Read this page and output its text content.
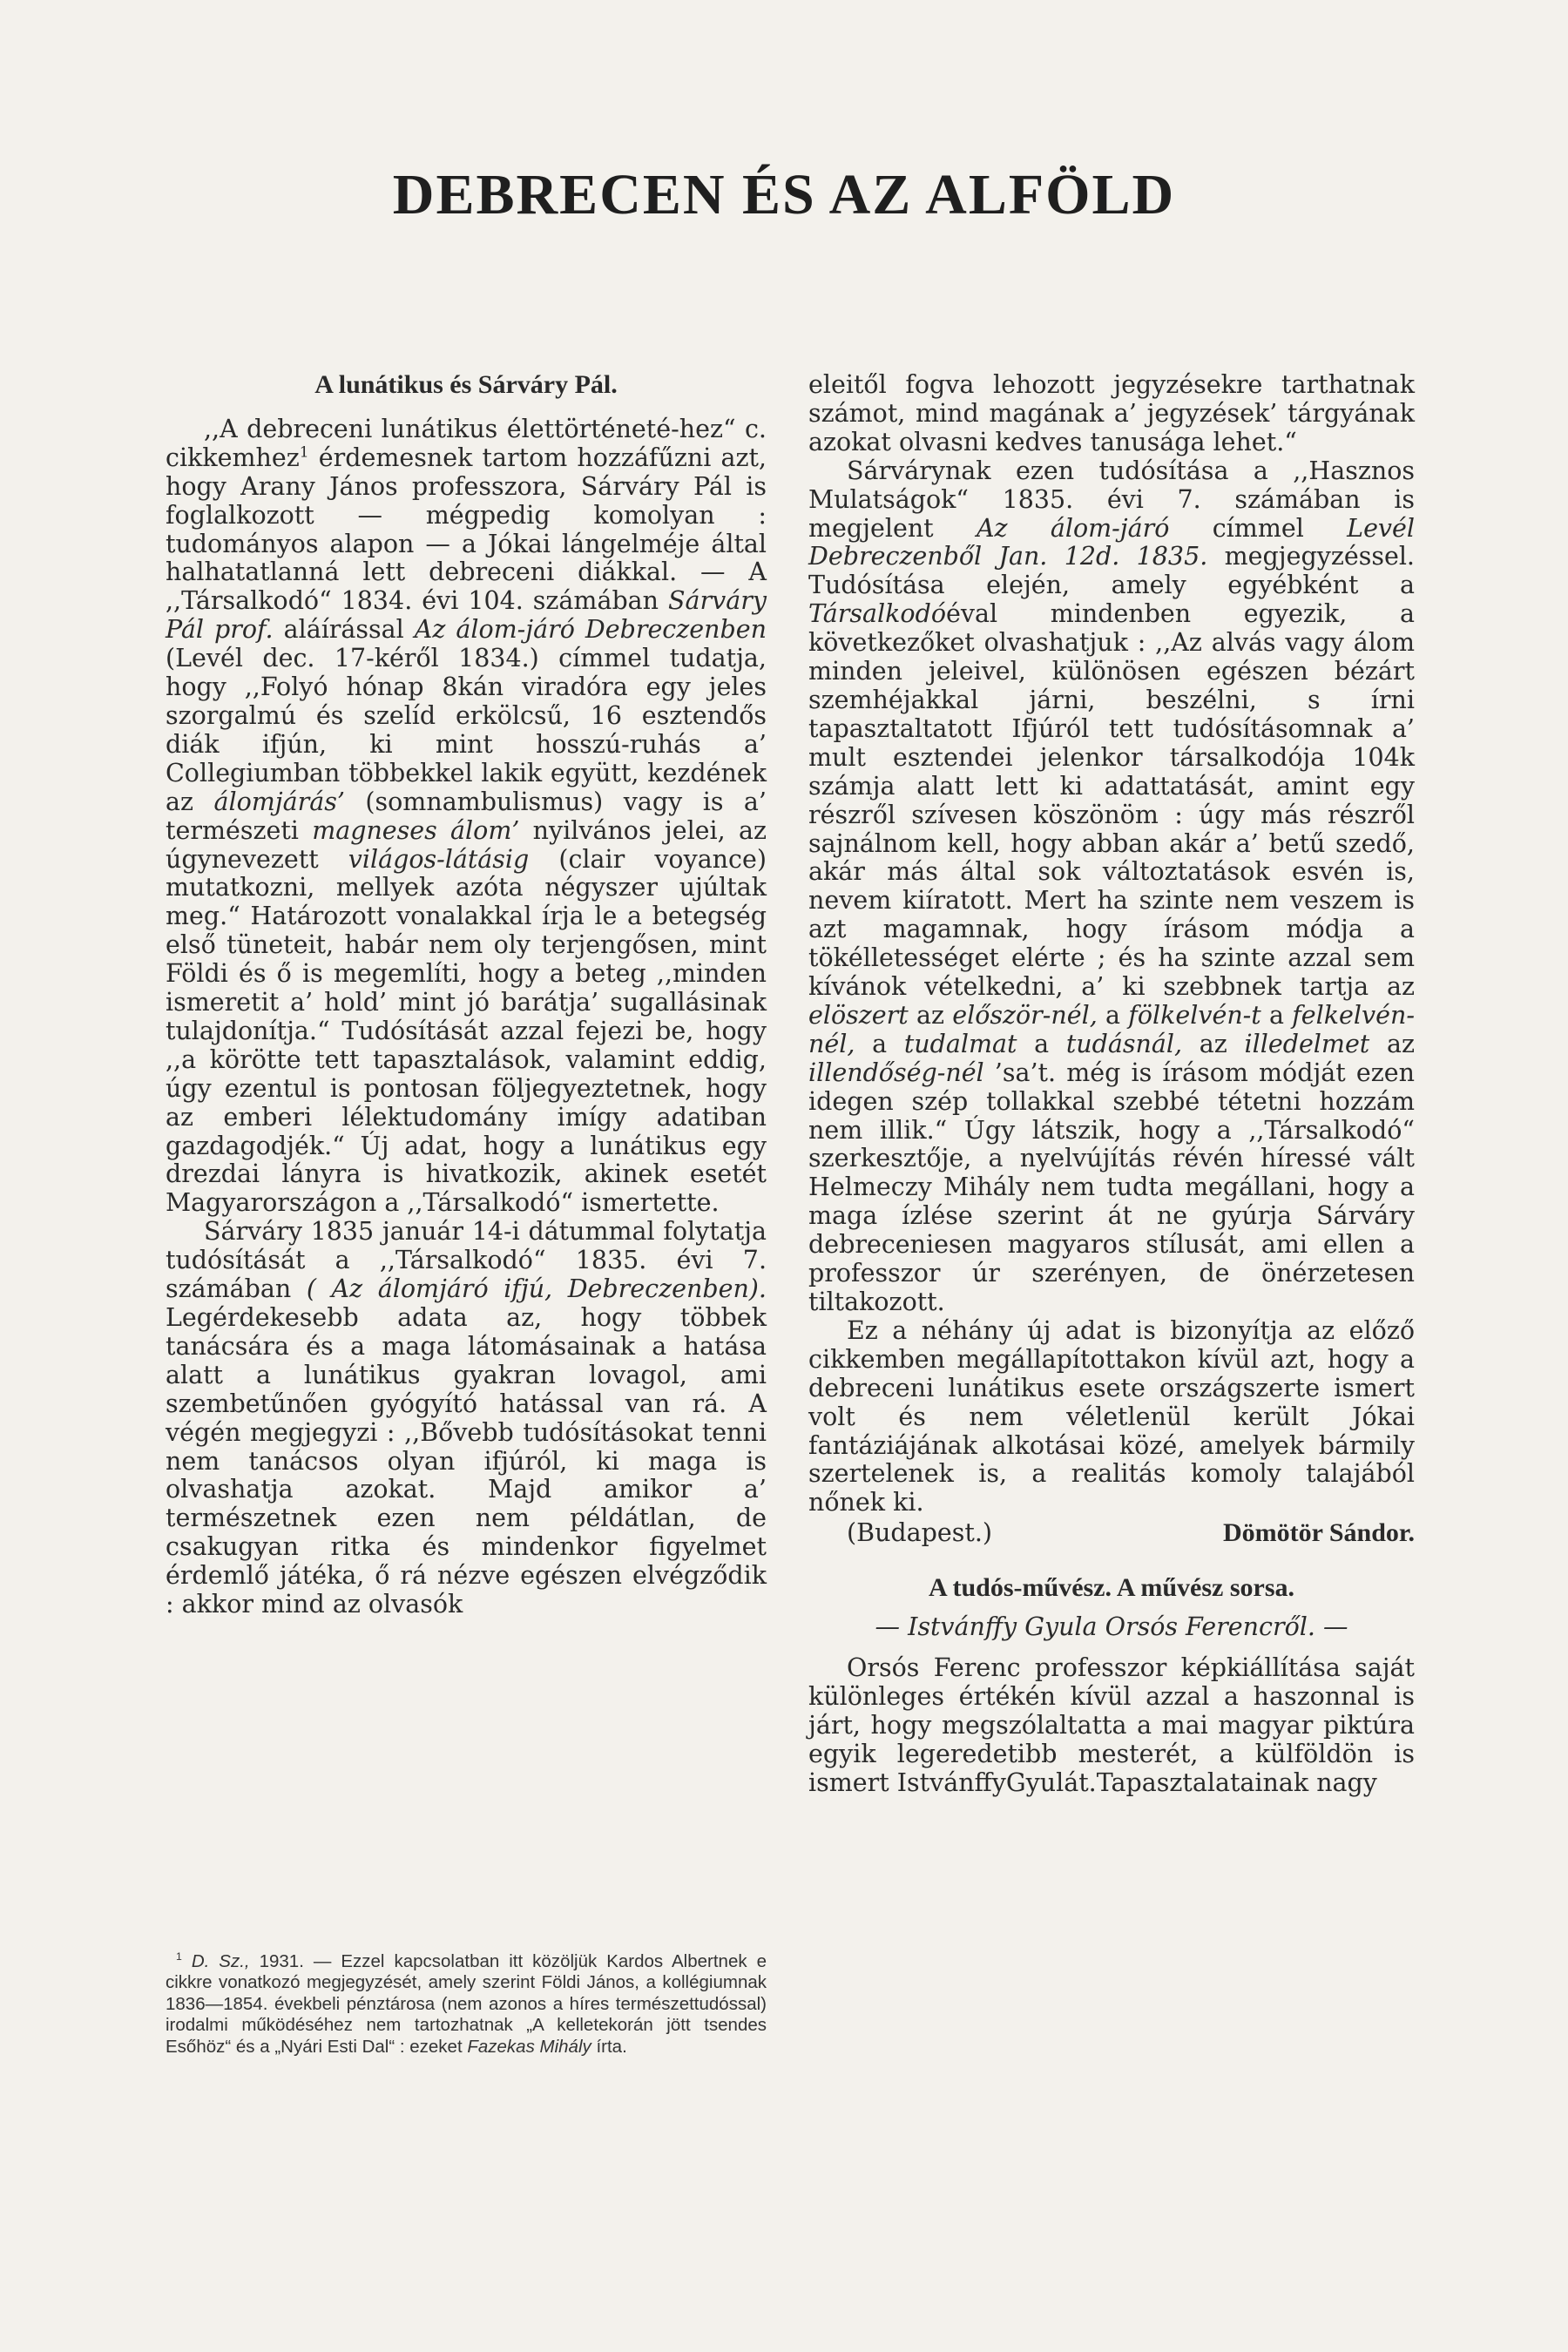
DEBRECEN ÉS AZ ALFÖLD

A lunátikus és Sárváry Pál.

,,A debreceni lunátikus élettörténeté-hez“ c. cikkemhez$^1$ érdemesnek tartom hozzáfűzni azt, hogy Arany János professzora, Sárváry Pál is foglalkozott — mégpedig komolyan : tudományos alapon — a Jókai lángelméje által halhatatlanná lett debreceni diákkal. — A ,,Társalkodó“ 1834. évi 104. számában Sárváry Pál prof. aláírással Az álom-járó Debreczenben (Levél dec. 17-kéről 1834.) címmel tudatja, hogy ,,Folyó hónap 8kán viradóra egy jeles szorgalmú és szelíd erkölcsű, 16 esztendős diák ifjún, ki mint hosszú-ruhás a’ Collegiumban többekkel lakik együtt, kezdének az álomjárás’ (somnambulismus) vagy is a’ természeti magneses álom’ nyilvános jelei, az úgynevezett világos-látásig (clair voyance) mutatkozni, mellyek azóta négyszer ujúltak meg.“ Határozott vonalakkal írja le a betegség első tüneteit, habár nem oly terjengősen, mint Földi és ő is megemlíti, hogy a beteg ,,minden ismeretit a’ hold’ mint jó barátja’ sugallásinak tulajdonítja.“ Tudósítását azzal fejezi be, hogy ,,a körötte tett tapasztalások, valamint eddig, úgy ezentul is pontosan följegyeztetnek, hogy az emberi lélektudomány imígy adatiban gazdagodjék.“ Új adat, hogy a lunátikus egy drezdai lányra is hivatkozik, akinek esetét Magyarországon a ,,Társalkodó“ ismertette.

Sárváry 1835 január 14-i dátummal folytatja tudósítását a ,,Társalkodó“ 1835. évi 7. számában ( Az álomjáró ifjú, Debreczenben). Legérdekesebb adata az, hogy többek tanácsára és a maga látomásainak a hatása alatt a lunátikus gyakran lovagol, ami szembetűnően gyógyító hatással van rá. A végén megjegyzi : ,,Bővebb tudósításokat tenni nem tanácsos olyan ifjúról, ki maga is olvashatja azokat. Majd amikor a’ természetnek ezen nem példátlan, de csakugyan ritka és mindenkor figyelmet érdemlő játéka, ő rá nézve egészen elvégződik : akkor mind az olvasók

$^1$ D. Sz., 1931. — Ezzel kapcsolatban itt közöljük Kardos Albertnek e cikkre vonatkozó megjegyzését, amely szerint Földi János, a kollégiumnak 1836—1854. évekbeli pénztárosa (nem azonos a híres természettudóssal) irodalmi működéséhez nem tartozhatnak „A kelletekorán jött tsendes Esőhöz“ és a „Nyári Esti Dal“ : ezeket Fazekas Mihály írta.

eleitől fogva lehozott jegyzésekre tarthatnak számot, mind magának a’ jegyzések’ tárgyának azokat olvasni kedves tanusága lehet.“

Sárvárynak ezen tudósítása a ,,Hasznos Mulatságok“ 1835. évi 7. számában is megjelent Az álom-járó címmel Levél Debreczenből Jan. 12d. 1835. megjegyzéssel. Tudósítása elején, amely egyébként a Társalkodóéval mindenben egyezik, a következőket olvashatjuk : ,,Az alvás vagy álom minden jeleivel, különösen egészen bézárt szemhéjakkal járni, beszélni, s írni tapasztaltatott Ifjúról tett tudósításomnak a’ mult esztendei jelenkor társalkodója 104k számja alatt lett ki adattatását, amint egy részről szívesen köszönöm : úgy más részről sajnálnom kell, hogy abban akár a’ betű szedő, akár más által sok változtatások esvén is, nevem kiíratott. Mert ha szinte nem veszem is azt magamnak, hogy írásom módja a tökélletességet elérte ; és ha szinte azzal sem kívánok vételkedni, a’ ki szebbnek tartja az elöszert az először-nél, a fölkelvén-t a felkelvén-nél, a tudalmat a tudásnál, az illedelmet az illendőség-nél ’sa’t. még is írásom módját ezen idegen szép tollakkal szebbé tétetni hozzám nem illik.“ Úgy látszik, hogy a ,,Társalkodó“ szerkesztője, a nyelvújítás révén híressé vált Helmeczy Mihály nem tudta megállani, hogy a maga ízlése szerint át ne gyúrja Sárváry debreceniesen magyaros stílusát, ami ellen a professzor úr szerényen, de önérzetesen tiltakozott.

Ez a néhány új adat is bizonyítja az előző cikkemben megállapítottakon kívül azt, hogy a debreceni lunátikus esete országszerte ismert volt és nem véletlenül került Jókai fantáziájának alkotásai közé, amelyek bármily szertelenek is, a realitás komoly talajából nőnek ki.

(Budapest.)	Dömötör Sándor.

A tudós-művész. A művész sorsa.

— Istvánffy Gyula Orsós Ferencről. —

Orsós Ferenc professzor képkiállítása saját különleges értékén kívül azzal a haszonnal is járt, hogy megszólaltatta a mai magyar piktúra egyik legeredetibb mesterét, a külföldön is ismert IstvánffyGyulát.Tapasztalatainak nagy
